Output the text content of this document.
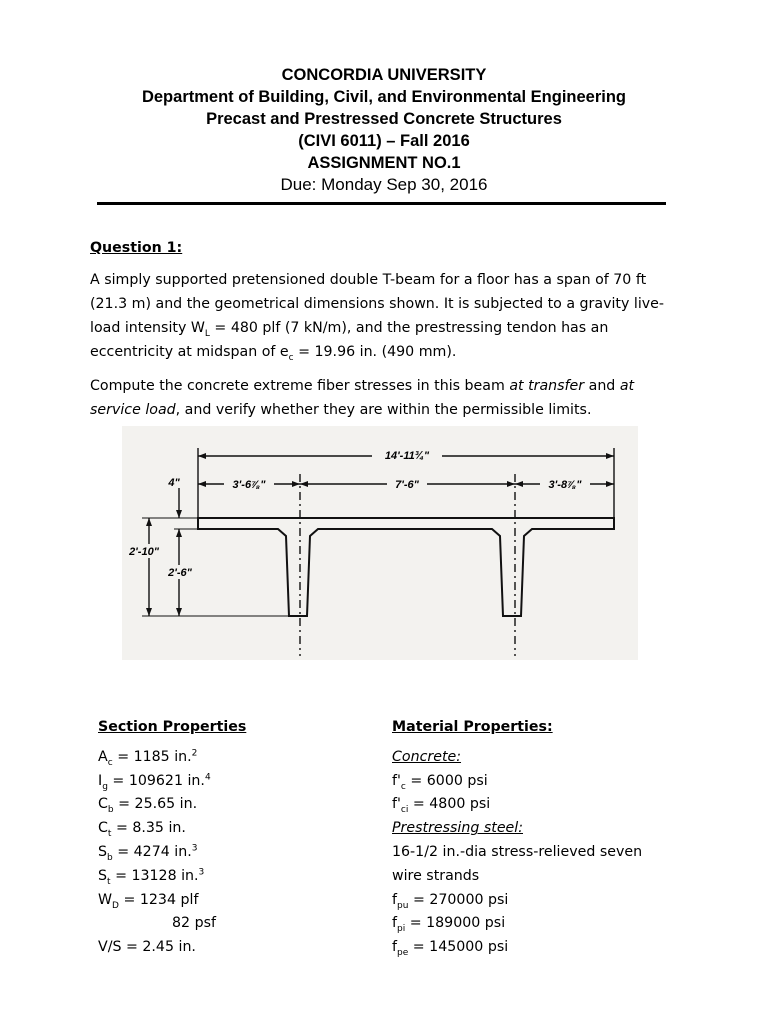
CONCORDIA UNIVERSITY
Department of Building, Civil, and Environmental Engineering
Precast and Prestressed Concrete Structures
(CIVI 6011) – Fall 2016
ASSIGNMENT NO.1
Due: Monday Sep 30, 2016
Question 1:
A simply supported pretensioned double T-beam for a floor has a span of 70 ft (21.3 m) and the geometrical dimensions shown. It is subjected to a gravity live-load intensity $W_L = 480$ plf (7 kN/m), and the prestressing tendon has an eccentricity at midspan of $e_c = 19.96$ in. (490 mm).
Compute the concrete extreme fiber stresses in this beam at transfer and at service load, and verify whether they are within the permissible limits.
14'-11¾"
3'-6⅞"	7'-6"	3'-8⅞"
4"
2'-10"
2'-6"
Section Properties
$A_c = 1185$ in.$^2$
$I_g = 109621$ in.$^4$
$C_b = 25.65$ in.
$C_t = 8.35$ in.
$S_b = 4274$ in.$^3$
$S_t = 13128$ in.$^3$
$W_D = 1234$ plf
82 psf
V/S = 2.45 in.
Material Properties:
Concrete:
$f'_c = 6000$ psi
$f'_{ci} = 4800$ psi
Prestressing steel:
16-1/2 in.-dia stress-relieved seven
wire strands
$f_{pu} = 270000$ psi
$f_{pi} = 189000$ psi
$f_{pe} = 145000$ psi
